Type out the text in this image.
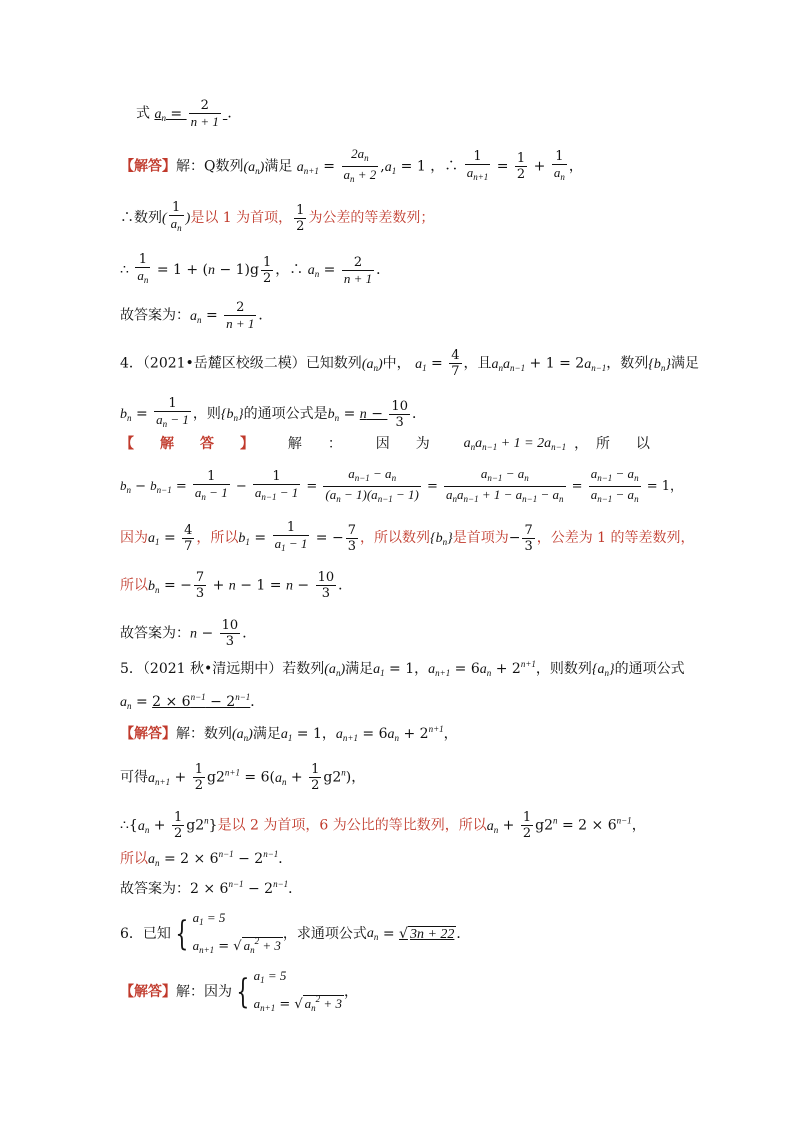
式 $a_n = \frac{2}{n + 1}$ ．
【解答】解：Q数列$(a_n)$满足 $a_{n+1} = \frac{2a_n}{a_n + 2} ,a_1 = 1$ ，∴ $\frac{1}{a_{n+1}} = \frac{1}{2} + \frac{1}{a_n}$ ，
∴数列( $\frac{1}{a_n}$ )是以 1 为首项， $\frac{1}{2}$ 为公差的等差数列；
∴ $\frac{1}{a_n} = 1 + (n - 1)g \frac{1}{2}$ ，∴ $a_n = \frac{2}{n + 1}$ ．
故答案为：$a_n = \frac{2}{n + 1}$ ．
4．（2021•岳麓区校级二模）已知数列$(a_n)$中， $a_1 = \frac{4}{7}$ ，且$a_na_{n-1} + 1 = 2a_{n-1}$，数列$\{b_n\}$满足
$b_n = \frac{1}{a_n - 1}$ ，则$\{b_n\}$的通项公式是$b_n = n - \frac{10}{3}$ ．
【解答】 解： 因为 $a_na_{n-1} + 1 = 2a_{n-1}$ ， 所以
$b_n - b_{n-1} = \frac{1}{a_n - 1} - \frac{1}{a_{n-1} - 1} = \frac{a_{n-1} - a_n}{(a_n - 1)(a_{n-1} - 1)} = \frac{a_{n-1} - a_n}{a_na_{n-1} + 1 - a_{n-1} - a_n} = \frac{a_{n-1} - a_n}{a_{n-1} - a_n} = 1$，
因为$a_1 = \frac{4}{7}$ ，所以$b_1 = \frac{1}{a_1 - 1}$ = − $\frac{7}{3}$ ，所以数列$\{b_n\}$是首项为− $\frac{7}{3}$ ，公差为 1 的等差数列，
所以$b_n$ = − $\frac{7}{3} + n - 1 = n - \frac{10}{3}$ ．
故答案为：$n - \frac{10}{3}$ ．
5．（2021 秋•清远期中）若数列$(a_n)$满足$a_1 = 1$，$a_{n+1} = 6a_n + 2^{n+1}$，则数列$\{a_n\}$的通项公式
$a_n = 2 \times 6^{n-1} - 2^{n-1}$．
【解答】解：数列$(a_n)$满足$a_1 = 1$，$a_{n+1} = 6a_n + 2^{n+1}$，
可得$a_{n+1} + \frac{1}{2} g2^{n+1} = 6(a_n + \frac{1}{2} g2^n)$，
$\therefore\{a_n + \frac{1}{2} g2^n\}$是以 2 为首项，6 为公比的等比数列，所以$a_n + \frac{1}{2} g2^n = 2 \times 6^{n-1}$，
所以$a_n = 2 \times 6^{n-1} - 2^{n-1}$．
故答案为：$2 \times 6^{n-1} - 2^{n-1}$．
6．已知 { $a_1 = 5$
$a_{n+1}$ = √ $a_n^2 + 3$
，求通项公式$a_n$ = √ 3n + 22 ．
【解答】解：因为 { $a_1 = 5$
$a_{n+1}$ = √ $a_n^2 + 3$
，
